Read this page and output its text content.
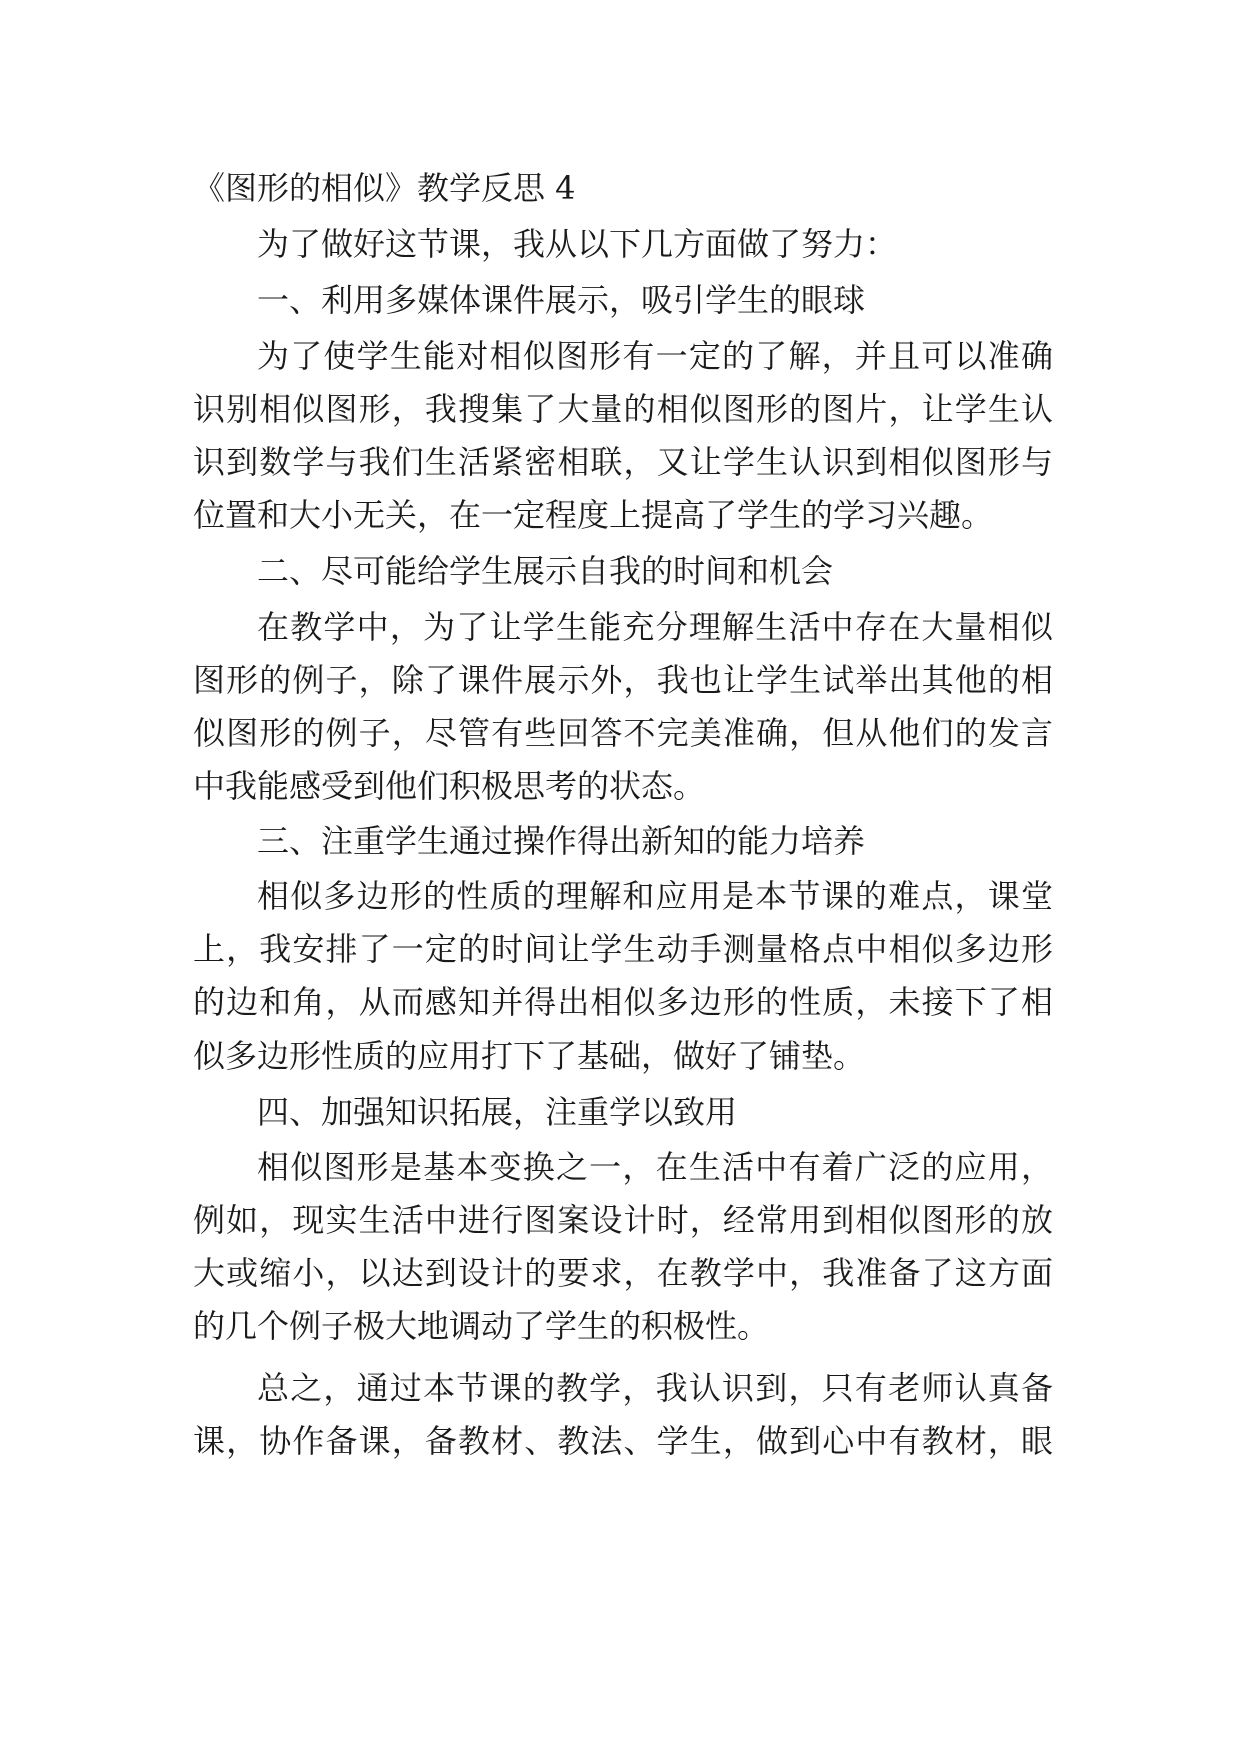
《图形的相似》教学反思 4
为了做好这节课，我从以下几方面做了努力：
一、利用多媒体课件展示，吸引学生的眼球
为了使学生能对相似图形有一定的了解，并且可以准确
识别相似图形，我搜集了大量的相似图形的图片，让学生认
识到数学与我们生活紧密相联，又让学生认识到相似图形与
位置和大小无关，在一定程度上提高了学生的学习兴趣。
二、尽可能给学生展示自我的时间和机会
在教学中，为了让学生能充分理解生活中存在大量相似
图形的例子，除了课件展示外，我也让学生试举出其他的相
似图形的例子，尽管有些回答不完美准确，但从他们的发言
中我能感受到他们积极思考的状态。
三、注重学生通过操作得出新知的能力培养
相似多边形的性质的理解和应用是本节课的难点，课堂
上，我安排了一定的时间让学生动手测量格点中相似多边形
的边和角，从而感知并得出相似多边形的性质，未接下了相
似多边形性质的应用打下了基础，做好了铺垫。
四、加强知识拓展，注重学以致用
相似图形是基本变换之一，在生活中有着广泛的应用，
例如，现实生活中进行图案设计时，经常用到相似图形的放
大或缩小，以达到设计的要求，在教学中，我准备了这方面
的几个例子极大地调动了学生的积极性。
总之，通过本节课的教学，我认识到，只有老师认真备
课，协作备课，备教材、教法、学生，做到心中有教材，眼
